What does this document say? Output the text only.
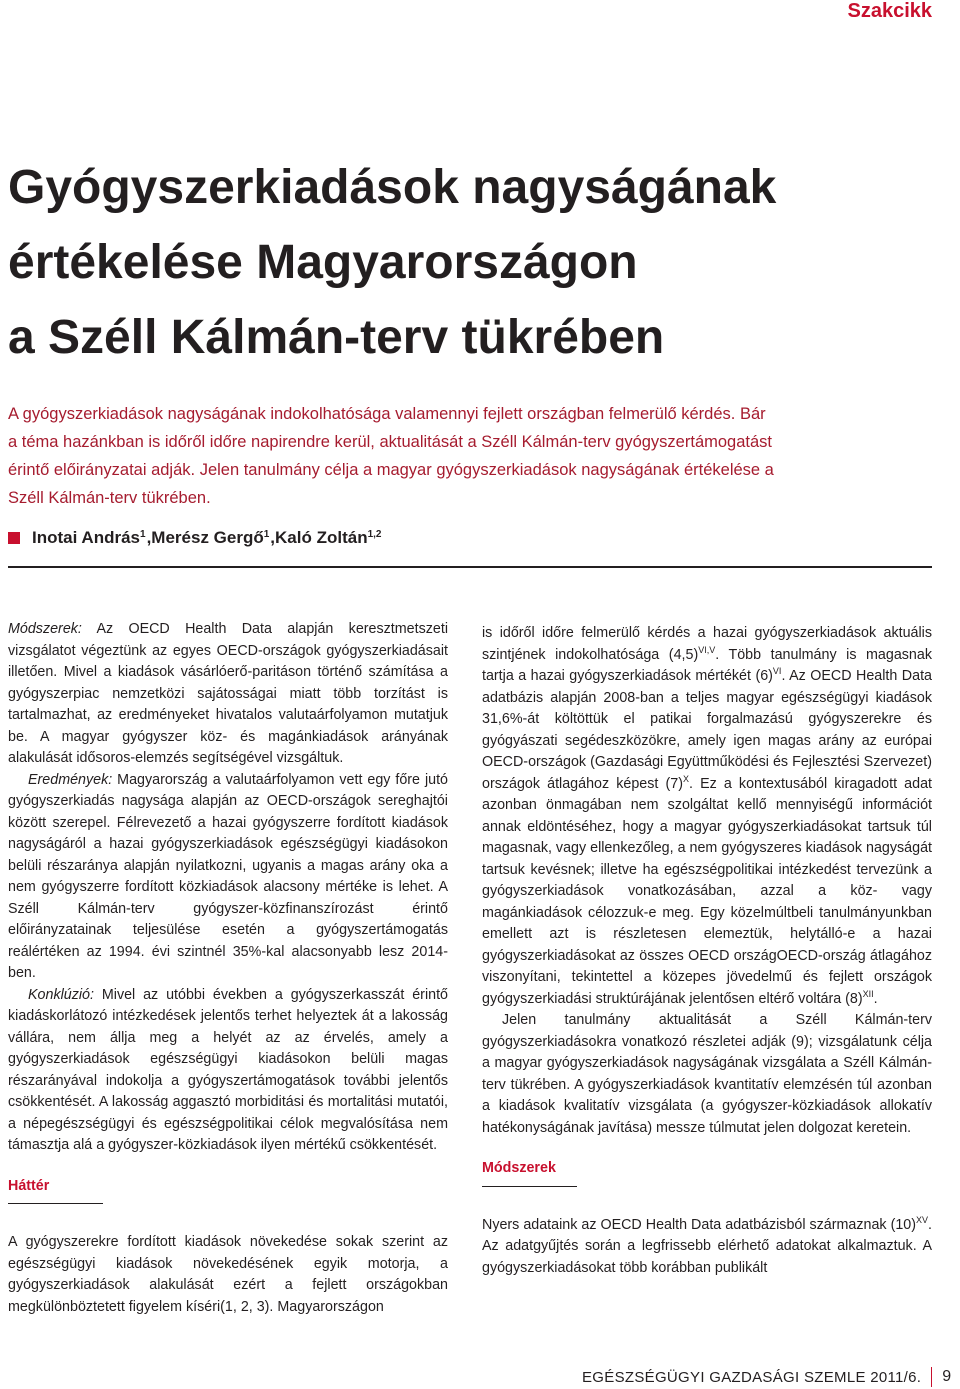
Szakcikk
Gyógyszerkiadások nagyságának
értékelése Magyarországon
a Széll Kálmán-terv tükrében
A gyógyszerkiadások nagyságának indokolhatósága valamennyi fejlett országban felmerülő kérdés. Bár
a téma hazánkban is időről időre napirendre kerül, aktualitását a Széll Kálmán-terv gyógyszertámogatást
érintő előirányzatai adják. Jelen tanulmány célja a magyar gyógyszerkiadások nagyságának értékelése a
Széll Kálmán-terv tükrében.
Inotai András$^1$ , Merész Gergő$^1$ , Kaló Zoltán$^{1,2}$

Módszerek: Az OECD Health Data alapján keresztmetszeti vizsgálatot végeztünk az egyes OECD-országok gyógyszerkiadásait illetően. Mivel a kiadások vásárlóerő-paritáson történő számítása a gyógyszerpiac nemzetközi sajátosságai miatt több torzítást is tartalmazhat, az eredményeket hivatalos valutaárfolyamon mutatjuk be. A magyar gyógyszer köz- és magánkiadások arányának alakulását idősoros-elemzés segítségével vizsgáltuk.

Eredmények: Magyarország a valutaárfolyamon vett egy főre jutó gyógyszerkiadás nagysága alapján az OECD-országok sereghajtói között szerepel. Félrevezető a hazai gyógyszerre fordított kiadások nagyságáról a hazai gyógyszerkiadások egészségügyi kiadásokon belüli részaránya alapján nyilatkozni, ugyanis a magas arány oka a nem gyógyszerre fordított közkiadások alacsony mértéke is lehet. A Széll Kálmán-terv gyógyszer-közfinanszírozást érintő előirányzatainak teljesülése esetén a gyógyszertámogatás reálértéken az 1994. évi szintnél 35%-kal alacsonyabb lesz 2014-ben.

Konklúzió: Mivel az utóbbi években a gyógyszerkasszát érintő kiadáskorlátozó intézkedések jelentős terhet helyeztek át a lakosság vállára, nem állja meg a helyét az az érvelés, amely a gyógyszerkiadások egészségügyi kiadásokon belüli magas részarányával indokolja a gyógyszertámogatások további jelentős csökkentését. A lakosság aggasztó morbiditási és mortalitási mutatói, a népegészségügyi és egészségpolitikai célok megvalósítása nem támasztja alá a gyógyszer-közkiadások ilyen mértékű csökkentését.

Háttér

A gyógyszerekre fordított kiadások növekedése sokak szerint az egészségügyi kiadások növekedésének egyik motorja, a gyógyszerkiadások alakulását ezért a fejlett országokban megkülönböztetett figyelem kíséri(1, 2, 3). Magyarországon

is időről időre felmerülő kérdés a hazai gyógyszerkiadások aktuális szintjének indokolhatósága $(4,5)^{VI,V}$. Több tanulmány is magasnak tartja a hazai gyógyszerkiadások mértékét $(6)^{VI}$. Az OECD Health Data adatbázis alapján 2008-ban a teljes magyar egészségügyi kiadások 31,6%-át költöttük el patikai forgalmazású gyógyszerekre és gyógyászati segédeszközökre, amely igen magas arány az európai OECD-országok (Gazdasági Együttműködési és Fejlesztési Szervezet) országok átlagához képest $(7)^X$. Ez a kontextusából kiragadott adat azonban önmagában nem szolgáltat kellő mennyiségű információt annak eldöntéséhez, hogy a magyar gyógyszerkiadásokat tartsuk túl magasnak, vagy ellenkezőleg, a nem gyógyszeres kiadások nagyságát tartsuk kevésnek; illetve ha egészségpolitikai intézkedést tervezünk a gyógyszerkiadások vonatkozásában, azzal a köz- vagy magánkiadások célozzuk-e meg. Egy közelmúltbeli tanulmányunkban emellett azt is részletesen elemeztük, helytálló-e a hazai gyógyszerkiadásokat az összes OECD országOECD-ország átlagához viszonyítani, tekintettel a közepes jövedelmű és fejlett országok gyógyszerkiadási struktúrájának jelentősen eltérő voltára $(8)^{XII}$.

Jelen tanulmány aktualitását a Széll Kálmán-terv gyógyszerkiadásokra vonatkozó részletei adják (9); vizsgálatunk célja a magyar gyógyszerkiadások nagyságának vizsgálata a Széll Kálmán-terv tükrében. A gyógyszerkiadások kvantitatív elemzésén túl azonban a kiadások kvalitatív vizsgálata (a gyógyszer-közkiadások allokatív hatékonyságának javítása) messze túlmutat jelen dolgozat keretein.

Módszerek

Nyers adataink az OECD Health Data adatbázisból származnak $(10)^{XV}$. Az adatgyűjtés során a legfrissebb elérhető adatokat alkalmaztuk. A gyógyszerkiadásokat több korábban publikált

EGÉSZSÉGÜGYI GAZDASÁGI SZEMLE 2011/6. 9
